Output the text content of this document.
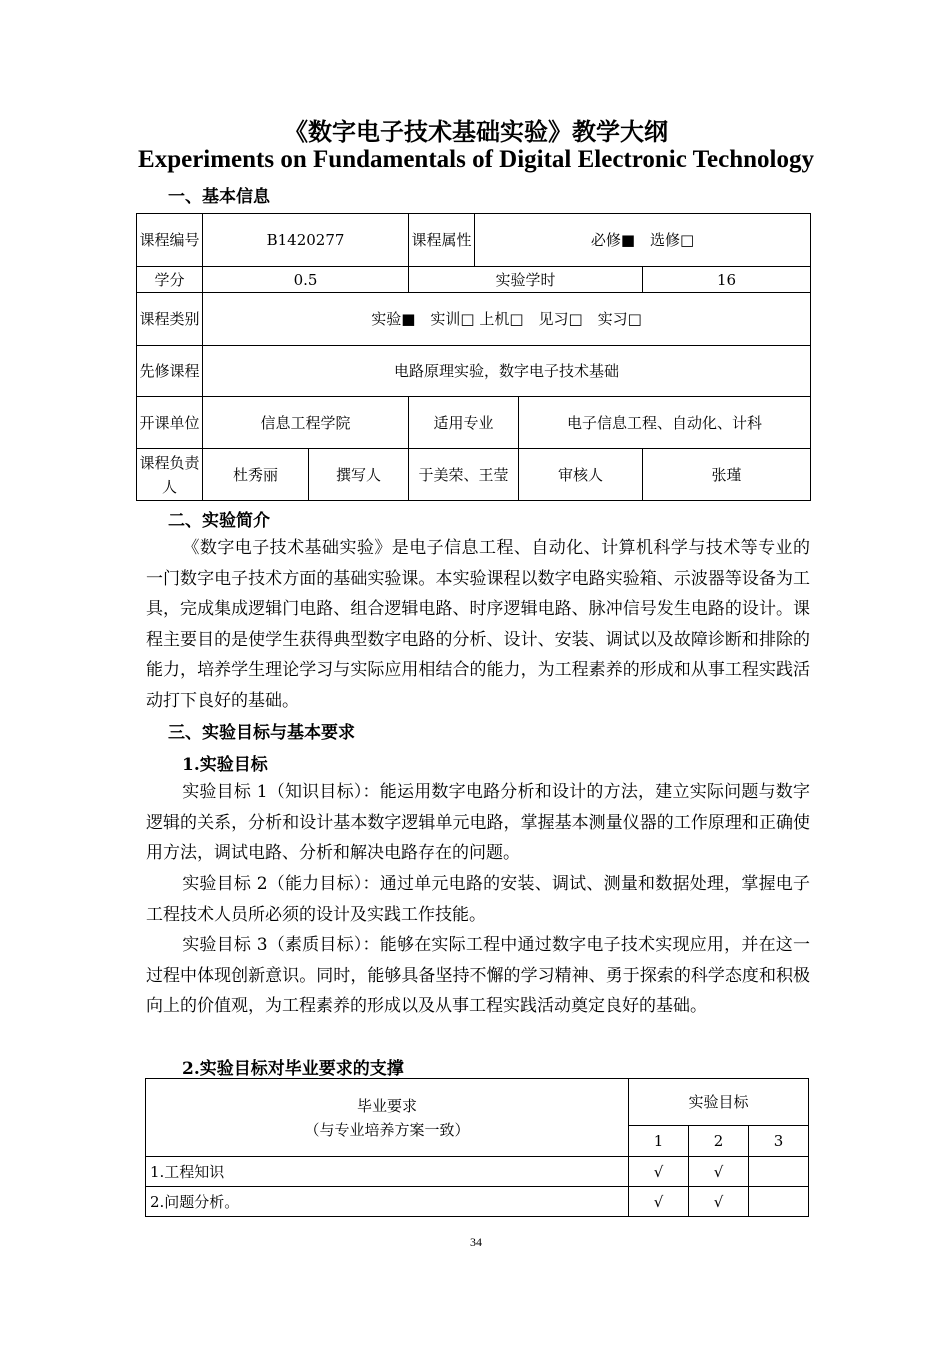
《数字电子技术基础实验》教学大纲
Experiments on Fundamentals of Digital Electronic Technology
一、基本信息
课程编号	B1420277		课程属性	必修■　选修□		
学分	0.5		实验学时			16
课程类别	实验■　实训□ 上机□　见习□　实习□					
先修课程	电路原理实验，数字电子技术基础					
开课单位	信息工程学院		适用专业		电子信息工程、自动化、计科	
课程负责人	杜秀丽	撰写人	于美荣、王莹		审核人	张瑾
二、实验简介
《数字电子技术基础实验》是电子信息工程、自动化、计算机科学与技术等专业的一门数字电子技术方面的基础实验课。本实验课程以数字电路实验箱、示波器等设备为工具，完成集成逻辑门电路、组合逻辑电路、时序逻辑电路、脉冲信号发生电路的设计。课程主要目的是使学生获得典型数字电路的分析、设计、安装、调试以及故障诊断和排除的能力，培养学生理论学习与实际应用相结合的能力，为工程素养的形成和从事工程实践活动打下良好的基础。
三、实验目标与基本要求
1.实验目标
实验目标 1（知识目标）：能运用数字电路分析和设计的方法，建立实际问题与数字逻辑的关系，分析和设计基本数字逻辑单元电路，掌握基本测量仪器的工作原理和正确使用方法，调试电路、分析和解决电路存在的问题。
实验目标 2（能力目标）：通过单元电路的安装、调试、测量和数据处理，掌握电子工程技术人员所必须的设计及实践工作技能。
实验目标 3（素质目标）：能够在实际工程中通过数字电子技术实现应用，并在这一过程中体现创新意识。同时，能够具备坚持不懈的学习精神、勇于探索的科学态度和积极向上的价值观，为工程素养的形成以及从事工程实践活动奠定良好的基础。
2.实验目标对毕业要求的支撑
毕业要求
（与专业培养方案一致）	实验目标		
	1	2	3
1.工程知识	√	√	
2.问题分析。	√	√	
34
